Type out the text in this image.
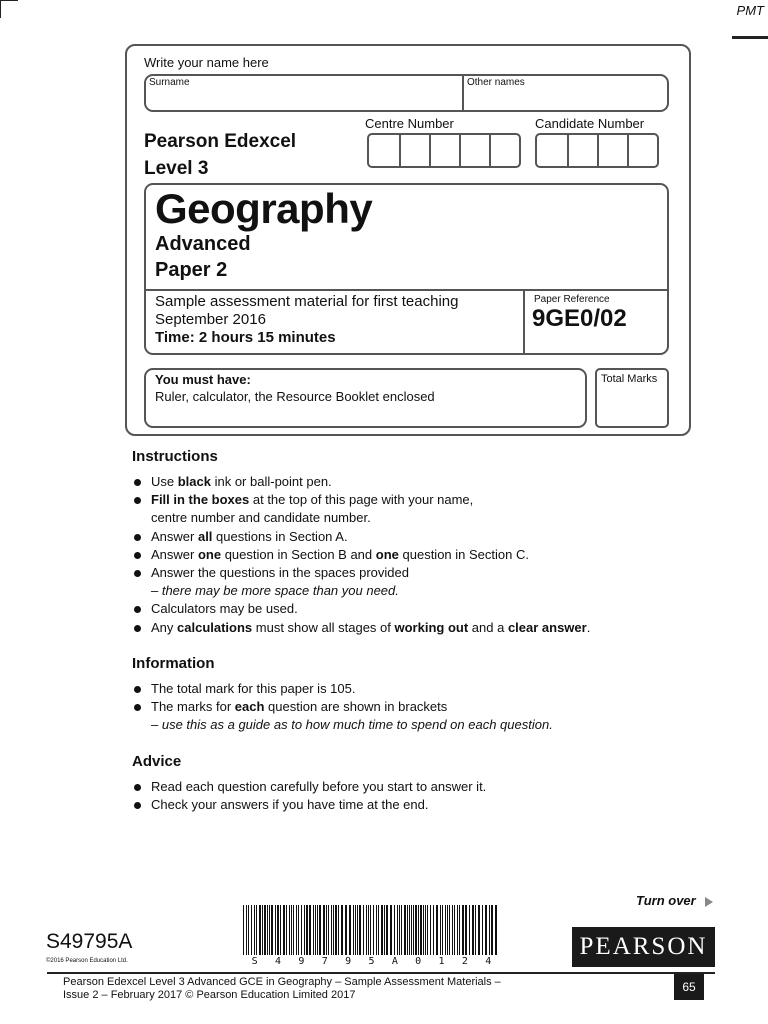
PMT
Write your name here
Surname	Other names
Pearson Edexcel
Level 3
Centre Number	Candidate Number
Geography
Advanced
Paper 2
Sample assessment material for first teaching
September 2016
Time: 2 hours 15 minutes
Paper Reference
9GE0/02
You must have:
Ruler, calculator, the Resource Booklet enclosed
Total Marks
Instructions
Use black ink or ball-point pen.
Fill in the boxes at the top of this page with your name,
centre number and candidate number.
Answer all questions in Section A.
Answer one question in Section B and one question in Section C.
Answer the questions in the spaces provided
– there may be more space than you need.
Calculators may be used.
Any calculations must show all stages of working out and a clear answer.
Information
The total mark for this paper is 105.
The marks for each question are shown in brackets
– use this as a guide as to how much time to spend on each question.
Advice
Read each question carefully before you start to answer it.
Check your answers if you have time at the end.
Turn over
S49795A
©2016 Pearson Education Ltd.	S 4 9 7 9 5 A 0 1 2 4
PEARSON
Pearson Edexcel Level 3 Advanced GCE in Geography – Sample Assessment Materials –
Issue 2 – February 2017 © Pearson Education Limited 2017
65
